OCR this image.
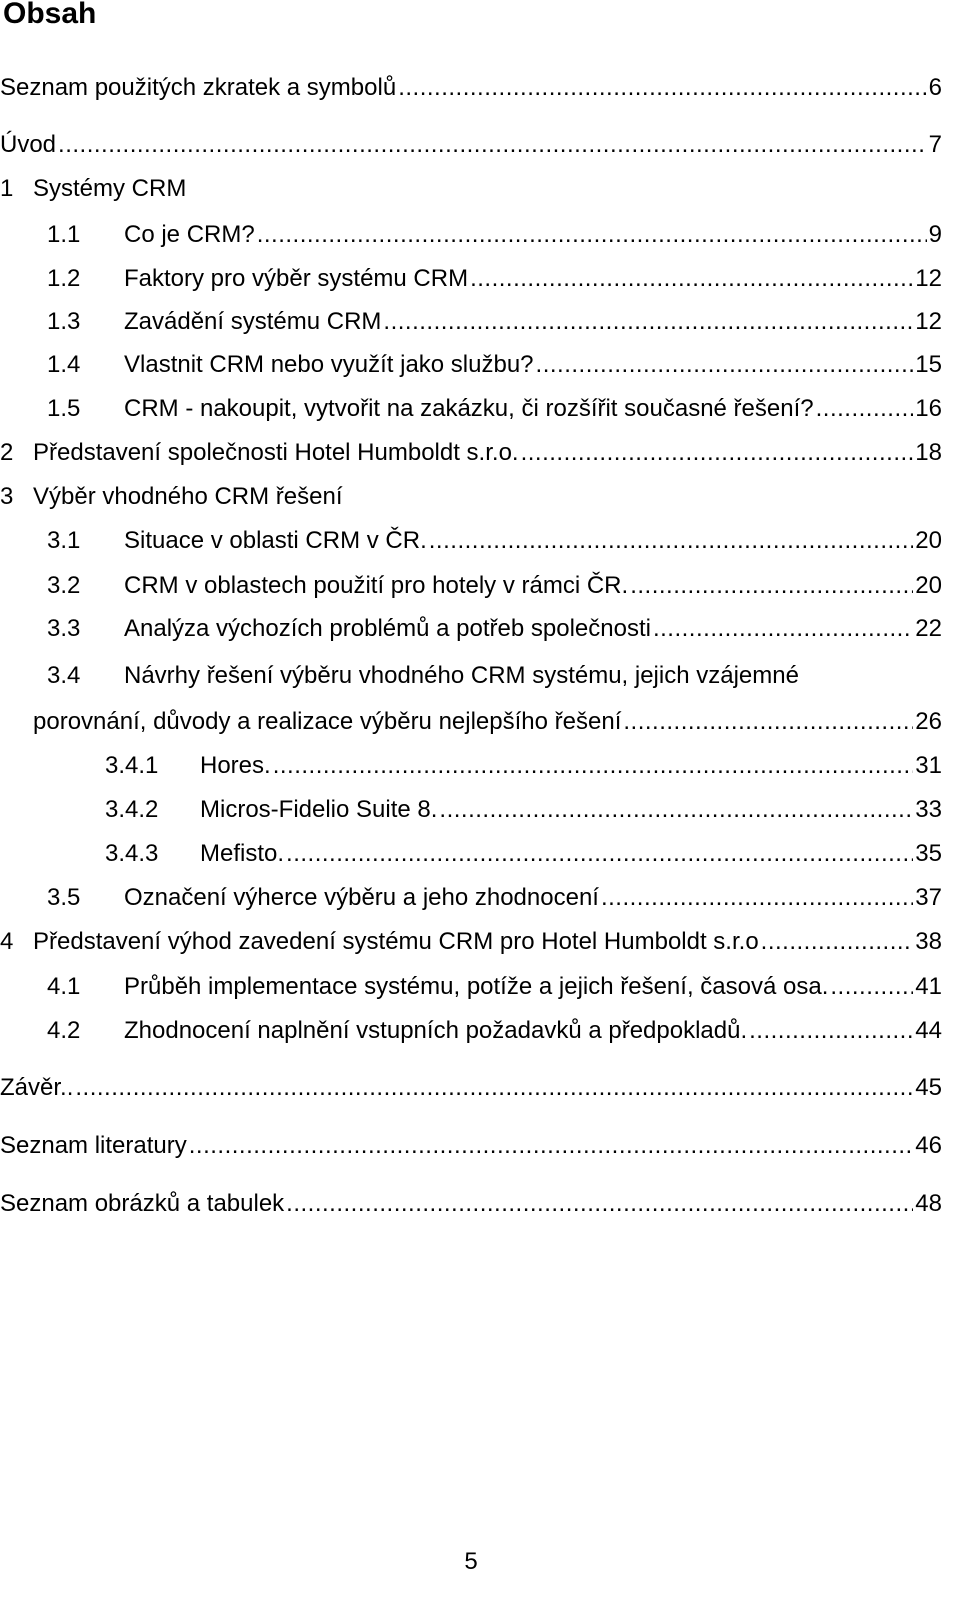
Obsah
Seznam použitých zkratek a symbolů .....	6
Úvod .....	7
1 Systémy CRM
1.1	Co je CRM? .....	9
1.2	Faktory pro výběr systému CRM .....	12
1.3	Zavádění systému CRM .....	12
1.4	Vlastnit CRM nebo využít jako službu? .....	15
1.5	CRM - nakoupit, vytvořit na zakázku, či rozšířit současné řešení? .....	16
2 Představení společnosti Hotel Humboldt s.r.o. .....	18
3 Výběr vhodného CRM řešení
3.1	Situace v oblasti CRM v ČR. .....	20
3.2	CRM v oblastech použití pro hotely v rámci ČR. .....	20
3.3	Analýza výchozích problémů a potřeb společnosti .....	22
3.4	Návrhy řešení výběru vhodného CRM systému, jejich vzájemné
porovnání, důvody a realizace výběru nejlepšího řešení .....	26
3.4.1	Hores. .....	31
3.4.2	Micros-Fidelio Suite 8. .....	33
3.4.3	Mefisto. .....	35
3.5	Označení výherce výběru a jeho zhodnocení .....	37
4 Představení výhod zavedení systému CRM pro Hotel Humboldt s.r.o .....	38
4.1	Průběh implementace systému, potíže a jejich řešení, časová osa. .....	41
4.2	Zhodnocení naplnění vstupních požadavků a předpokladů. .....	44
Závěr.. .....	45
Seznam literatury .....	46
Seznam obrázků a tabulek .....	48
5
